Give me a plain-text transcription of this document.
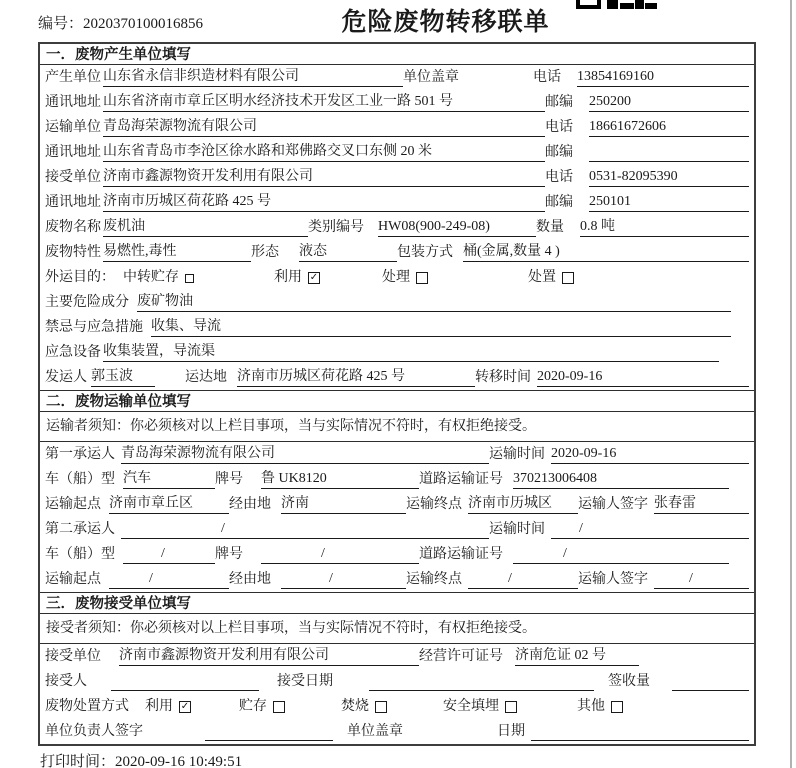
编号：2020370100016856	危险废物转移联单
一．废物产生单位填写
产生单位 山东省永信非织造材料有限公司	单位盖章	电话	13854169160
通讯地址 山东省济南市章丘区明水经济技术开发区工业一路 501 号	邮编	250200
运输单位 青岛海荣源物流有限公司	电话	18661672606
通讯地址 山东省青岛市李沧区徐水路和郑佛路交叉口东侧 20 米	邮编
接受单位 济南市鑫源物资开发利用有限公司	电话	0531-82095390
通讯地址 济南市历城区荷花路 425 号	邮编	250101
废物名称 废机油	类别编号	HW08(900-249-08)	数量	0.8 吨
废物特性 易燃性,毒性	形态	液态	包装方式 桶(金属,数量 4 )
外运目的： 中转贮存	利用 ✓	处理	处置
主要危险成分 废矿物油
禁忌与应急措施 收集、导流
应急设备 收集装置，导流渠
发运人 郭玉波	运达地 济南市历城区荷花路 425 号	转移时间 2020-09-16
二．废物运输单位填写
运输者须知：你必须核对以上栏目事项，当与实际情况不符时，有权拒绝接受。
第一承运人 青岛海荣源物流有限公司	运输时间 2020-09-16
车（船）型 汽车	牌号	鲁 UK8120	道路运输证号 370213006408
运输起点 济南市章丘区	经由地 济南	运输终点 济南市历城区	运输人签字 张春雷
第二承运人	/	运输时间	/
车（船）型	/	牌号	/	道路运输证号	/
运输起点	/	经由地	/	运输终点	/	运输人签字	/
三．废物接受单位填写
接受者须知：你必须核对以上栏目事项，当与实际情况不符时，有权拒绝接受。
接受单位	济南市鑫源物资开发利用有限公司	经营许可证号 济南危证 02 号
接受人	接受日期	签收量
废物处置方式	利用 ✓	贮存	焚烧	安全填埋	其他
单位负责人签字	单位盖章	日期
打印时间：2020-09-16 10:49:51
